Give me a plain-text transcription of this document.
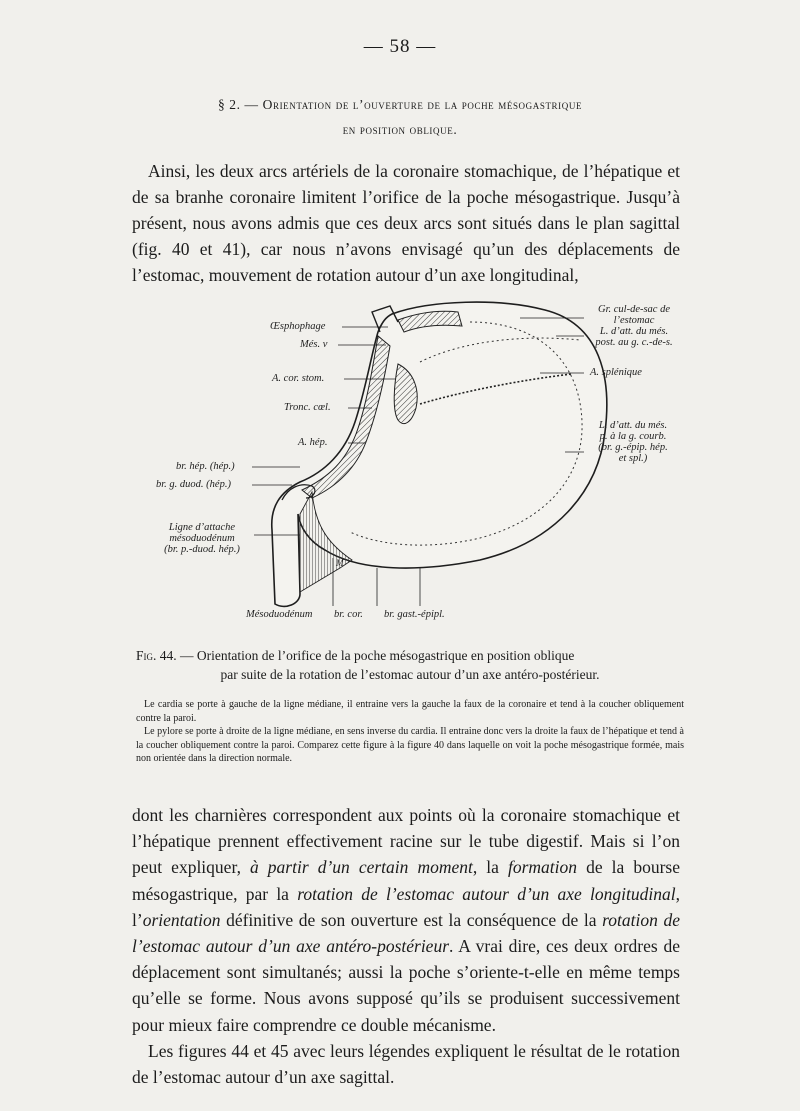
— 58 —
§ 2. — Orientation de l’ouverture de la poche mésogastrique
en position oblique.

Ainsi, les deux arcs artériels de la coronaire stomachique, de l’hépatique et de sa branhe coronaire limitent l’orifice de la poche mésogastrique. Jusqu’à présent, nous avons admis que ces deux arcs sont situés dans le plan sagittal (fig. 40 et 41), car nous n’avons envisagé qu’un des déplacements de l’estomac, mouvement de rotation autour d’un axe longitudinal,

Œsphophage
Més. v
A. cor. stom.
Tronc. cœl.
A. hép.
br. hép. (hép.)
br. g. duod. (hép.)
Ligne d’attache
mésoduodénum
(br. p.-duod. hép.)
Gr. cul-de-sac de
l’estomac
L. d’att. du més.
post. au g. c.-de-s.
A. splénique
L. d’att. du més.
p. à la g. courb.
(br. g.-épip. hép.
et spl.)
M
Mésoduodénum br. cor. br. gast.-épipl.
Fig. 44. — Orientation de l’orifice de la poche mésogastrique en position oblique
par suite de la rotation de l’estomac autour d’un axe antéro-postérieur.

Le cardia se porte à gauche de la ligne médiane, il entraine vers la gauche la faux de la coronaire et tend à la coucher obliquement contre la paroi.

Le pylore se porte à droite de la ligne médiane, en sens inverse du cardia. Il entraine donc vers la droite la faux de l’hépatique et tend à la coucher obliquement contre la paroi. Comparez cette figure à la figure 40 dans laquelle on voit la poche mésogastrique formée, mais non orientée dans la direction normale.

dont les charnières correspondent aux points où la coronaire stomachique et l’hépatique prennent effectivement racine sur le tube digestif. Mais si l’on peut expliquer, à partir d’un certain moment, la formation de la bourse mésogastrique, par la rotation de l’estomac autour d’un axe longitudinal, l’orientation définitive de son ouverture est la conséquence de la rotation de l’estomac autour d’un axe antéro-postérieur. A vrai dire, ces deux ordres de déplacement sont simultanés; aussi la poche s’oriente-t-elle en même temps qu’elle se forme. Nous avons supposé qu’ils se produisent successivement pour mieux faire comprendre ce double mécanisme.

Les figures 44 et 45 avec leurs légendes expliquent le résultat de le rotation de l’estomac autour d’un axe sagittal.
